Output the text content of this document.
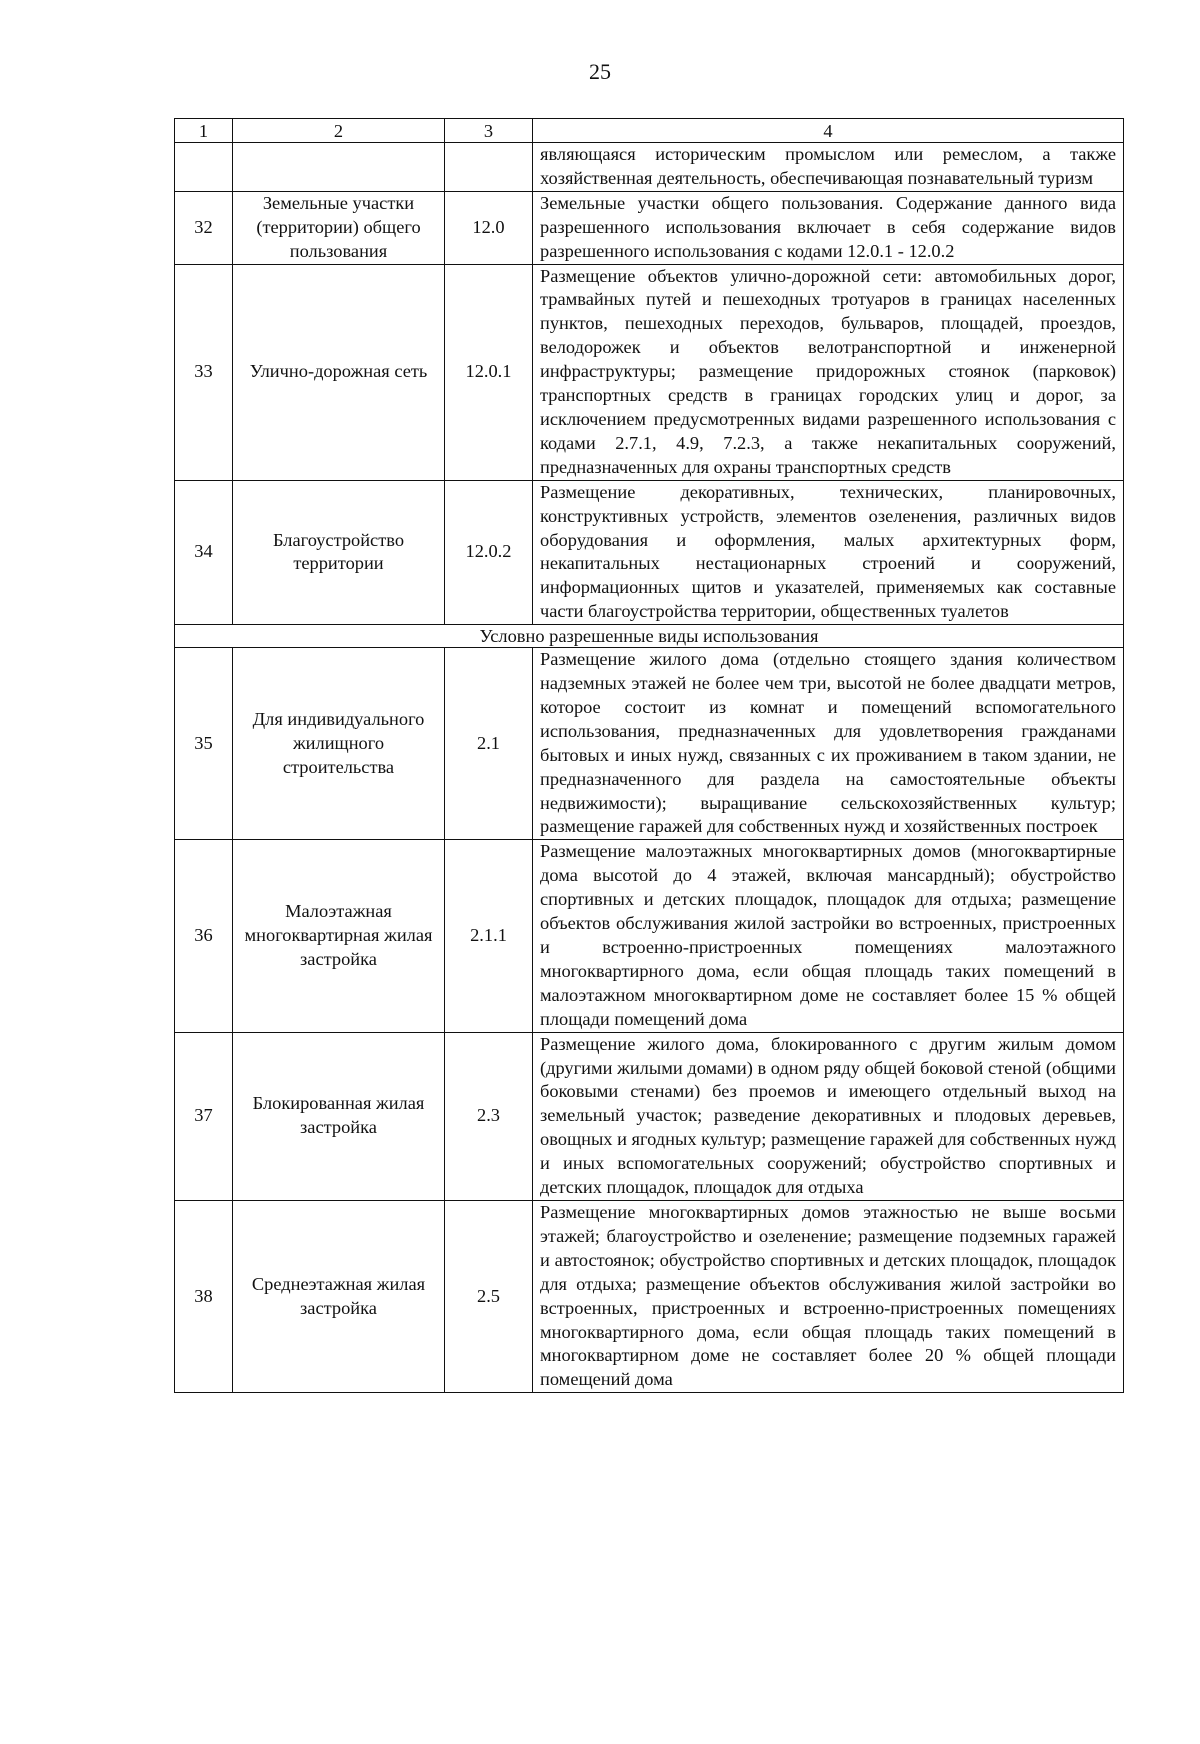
25
1	2	3	4
			являющаяся историческим промыслом или ремеслом, а также хозяйственная деятельность, обеспечивающая познавательный туризм
32	Земельные участки (территории) общего пользования	12.0	Земельные участки общего пользования. Содержание данного вида разрешенного использования включает в себя содержание видов разрешенного использования с кодами 12.0.1 - 12.0.2
33	Улично-дорожная сеть	12.0.1	Размещение объектов улично-дорожной сети: автомобильных дорог, трамвайных путей и пешеходных тротуаров в границах населенных пунктов, пешеходных переходов, бульваров, площадей, проездов, велодорожек и объектов велотранспортной и инженерной инфраструктуры; размещение придорожных стоянок (парковок) транспортных средств в границах городских улиц и дорог, за исключением предусмотренных видами разрешенного использования с кодами 2.7.1, 4.9, 7.2.3, а также некапитальных сооружений, предназначенных для охраны транспортных средств
34	Благоустройство территории	12.0.2	Размещение декоративных, технических, планировочных, конструктивных устройств, элементов озеленения, различных видов оборудования и оформления, малых архитектурных форм, некапитальных нестационарных строений и сооружений, информационных щитов и указателей, применяемых как составные части благоустройства территории, общественных туалетов
Условно разрешенные виды использования			
35	Для индивидуального жилищного строительства	2.1	Размещение жилого дома (отдельно стоящего здания количеством надземных этажей не более чем три, высотой не более двадцати метров, которое состоит из комнат и помещений вспомогательного использования, предназначенных для удовлетворения гражданами бытовых и иных нужд, связанных с их проживанием в таком здании, не предназначенного для раздела на самостоятельные объекты недвижимости); выращивание сельскохозяйственных культур; размещение гаражей для собственных нужд и хозяйственных построек
36	Малоэтажная многоквартирная жилая застройка	2.1.1	Размещение малоэтажных многоквартирных домов (многоквартирные дома высотой до 4 этажей, включая мансардный); обустройство спортивных и детских площадок, площадок для отдыха; размещение объектов обслуживания жилой застройки во встроенных, пристроенных и встроенно-пристроенных помещениях малоэтажного многоквартирного дома, если общая площадь таких помещений в малоэтажном многоквартирном доме не составляет более 15 % общей площади помещений дома
37	Блокированная жилая застройка	2.3	Размещение жилого дома, блокированного с другим жилым домом (другими жилыми домами) в одном ряду общей боковой стеной (общими боковыми стенами) без проемов и имеющего отдельный выход на земельный участок; разведение декоративных и плодовых деревьев, овощных и ягодных культур; размещение гаражей для собственных нужд и иных вспомогательных сооружений; обустройство спортивных и детских площадок, площадок для отдыха
38	Среднеэтажная жилая застройка	2.5	Размещение многоквартирных домов этажностью не выше восьми этажей; благоустройство и озеленение; размещение подземных гаражей и автостоянок; обустройство спортивных и детских площадок, площадок для отдыха; размещение объектов обслуживания жилой застройки во встроенных, пристроенных и встроенно-пристроенных помещениях многоквартирного дома, если общая площадь таких помещений в многоквартирном доме не составляет более 20 % общей площади помещений дома
